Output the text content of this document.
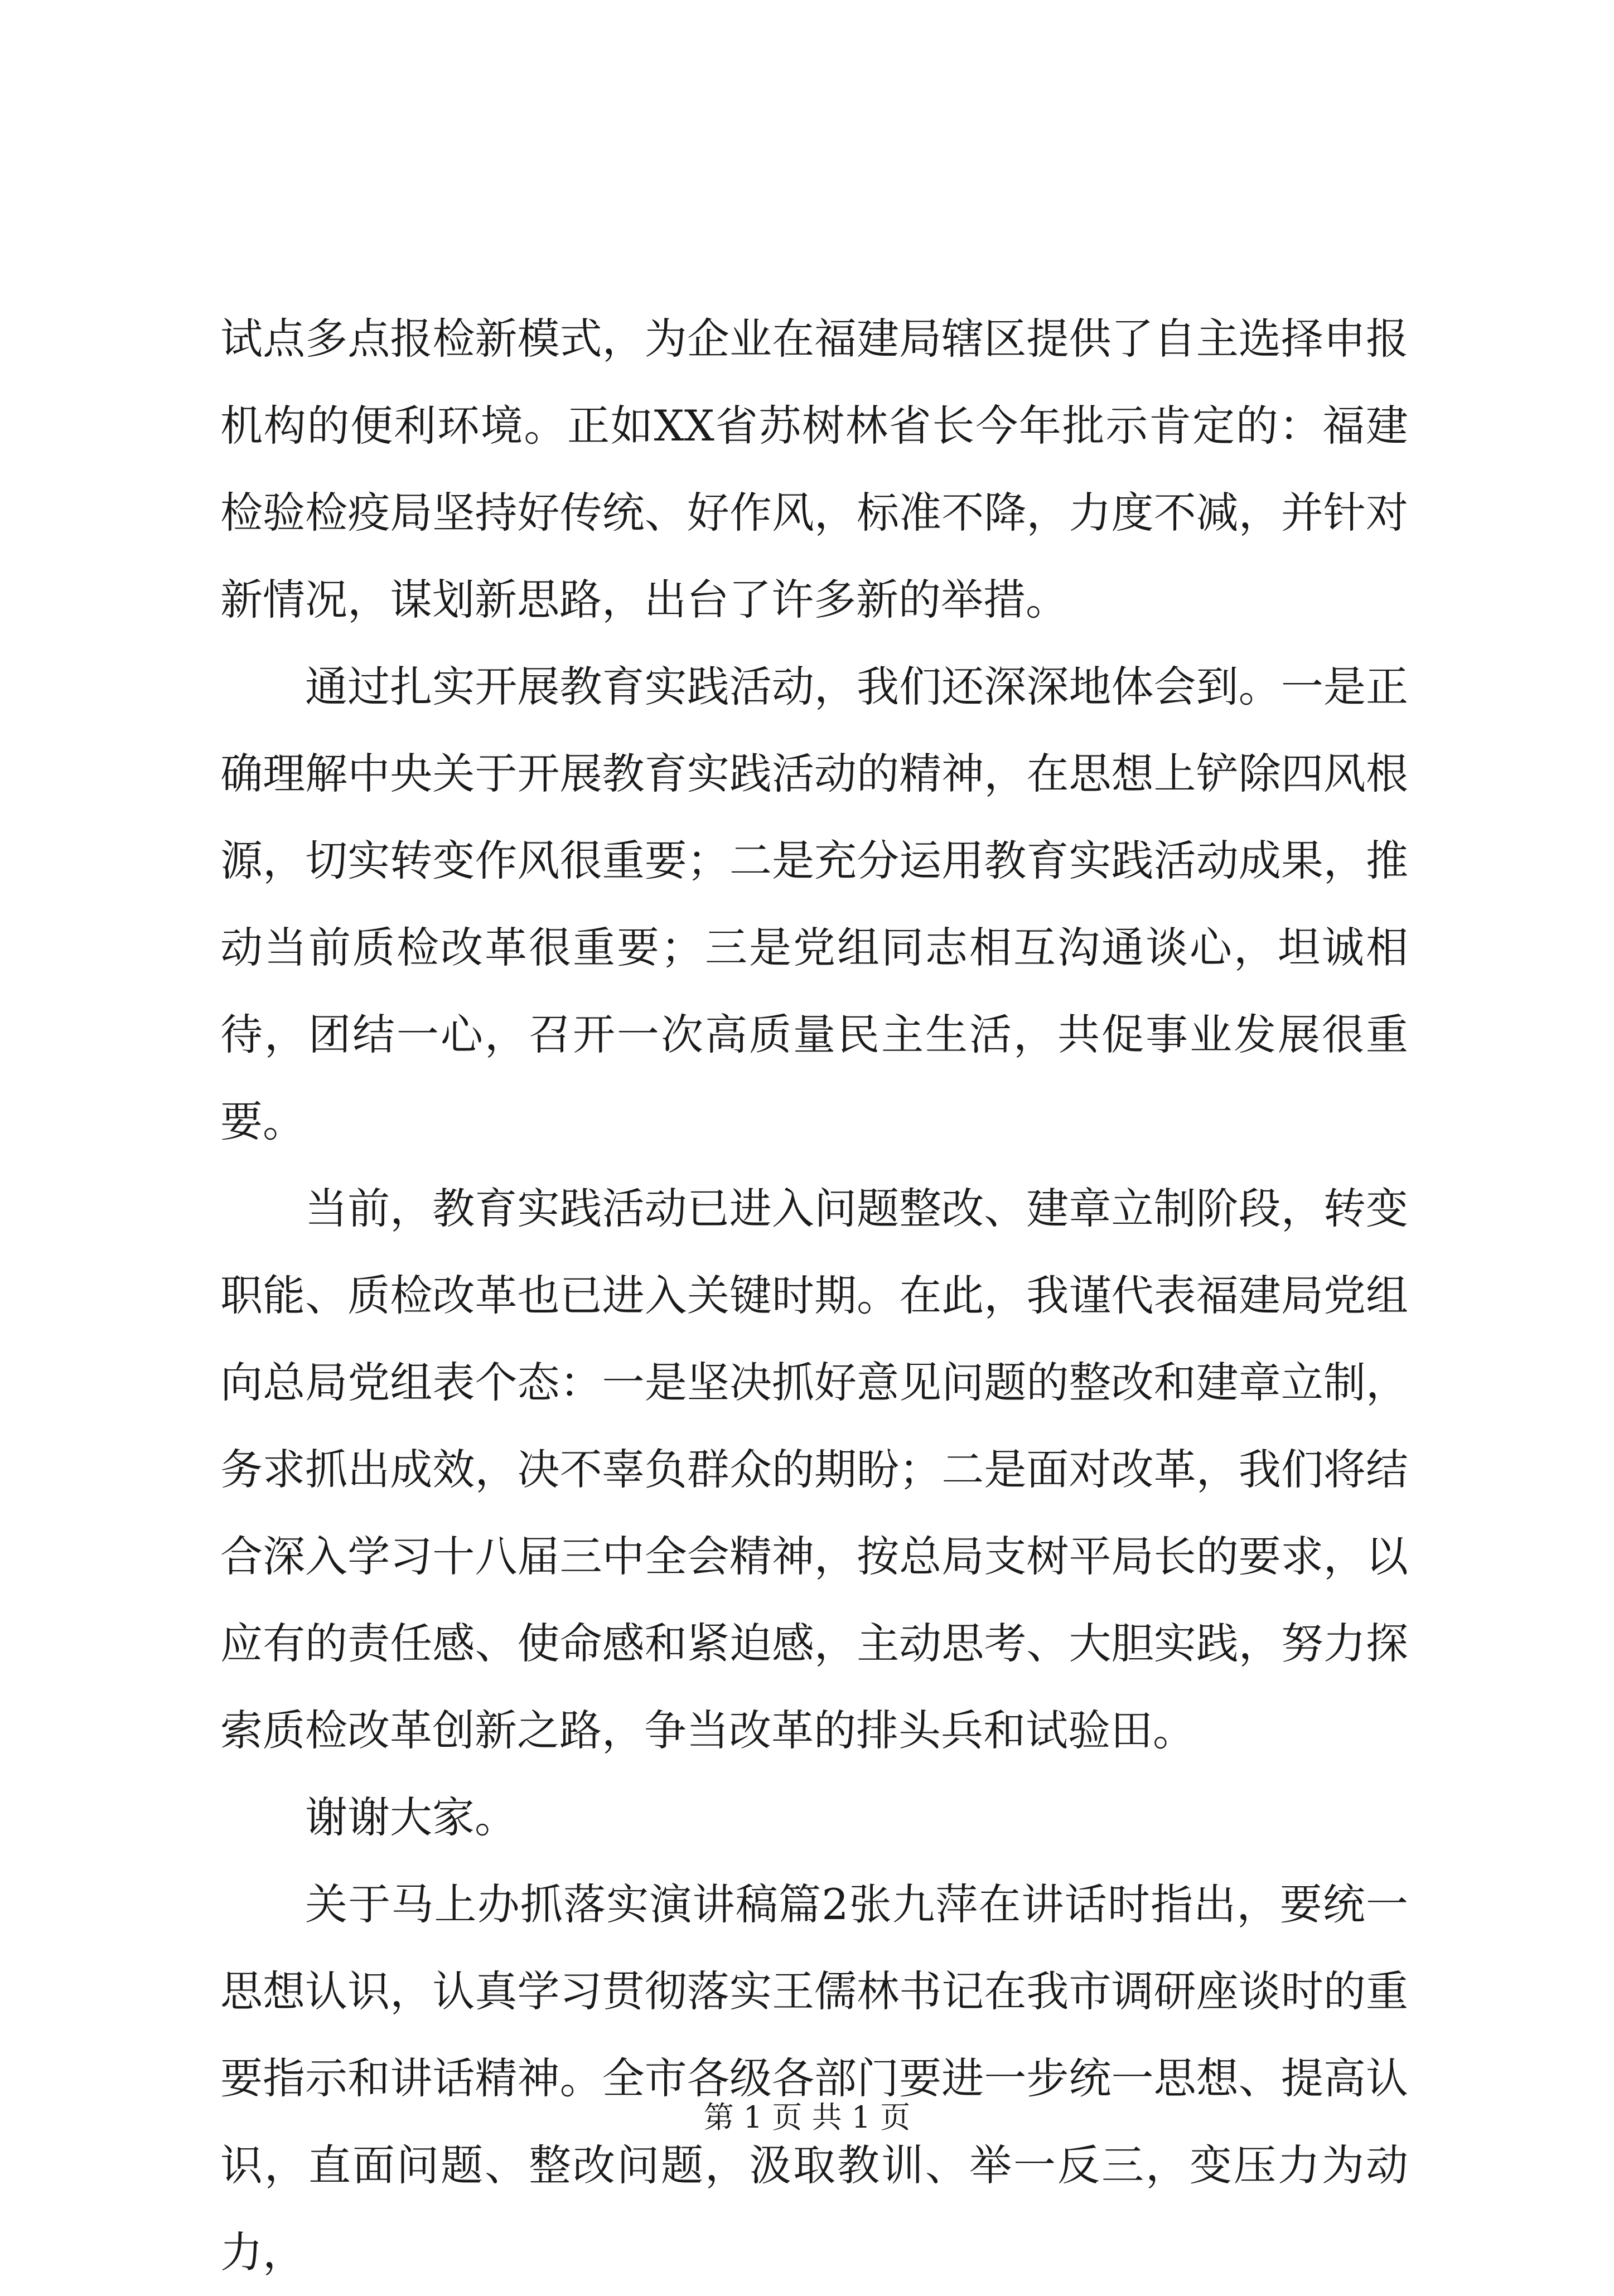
试点多点报检新模式，为企业在福建局辖区提供了自主选择申报机构的便利环境。正如XX省苏树林省长今年批示肯定的：福建检验检疫局坚持好传统、好作风，标准不降，力度不减，并针对新情况，谋划新思路，出台了许多新的举措。

通过扎实开展教育实践活动，我们还深深地体会到。一是正确理解中央关于开展教育实践活动的精神，在思想上铲除四风根源，切实转变作风很重要；二是充分运用教育实践活动成果，推动当前质检改革很重要；三是党组同志相互沟通谈心，坦诚相待，团结一心，召开一次高质量民主生活，共促事业发展很重要。

当前，教育实践活动已进入问题整改、建章立制阶段，转变职能、质检改革也已进入关键时期。在此，我谨代表福建局党组向总局党组表个态：一是坚决抓好意见问题的整改和建章立制，务求抓出成效，决不辜负群众的期盼；二是面对改革，我们将结合深入学习十八届三中全会精神，按总局支树平局长的要求，以应有的责任感、使命感和紧迫感，主动思考、大胆实践，努力探索质检改革创新之路，争当改革的排头兵和试验田。

谢谢大家。

关于马上办抓落实演讲稿篇2张九萍在讲话时指出，要统一思想认识，认真学习贯彻落实王儒林书记在我市调研座谈时的重要指示和讲话精神。全市各级各部门要进一步统一思想、提高认识，直面问题、整改问题，汲取教训、举一反三，变压力为动力，

第 1 页 共 1 页
